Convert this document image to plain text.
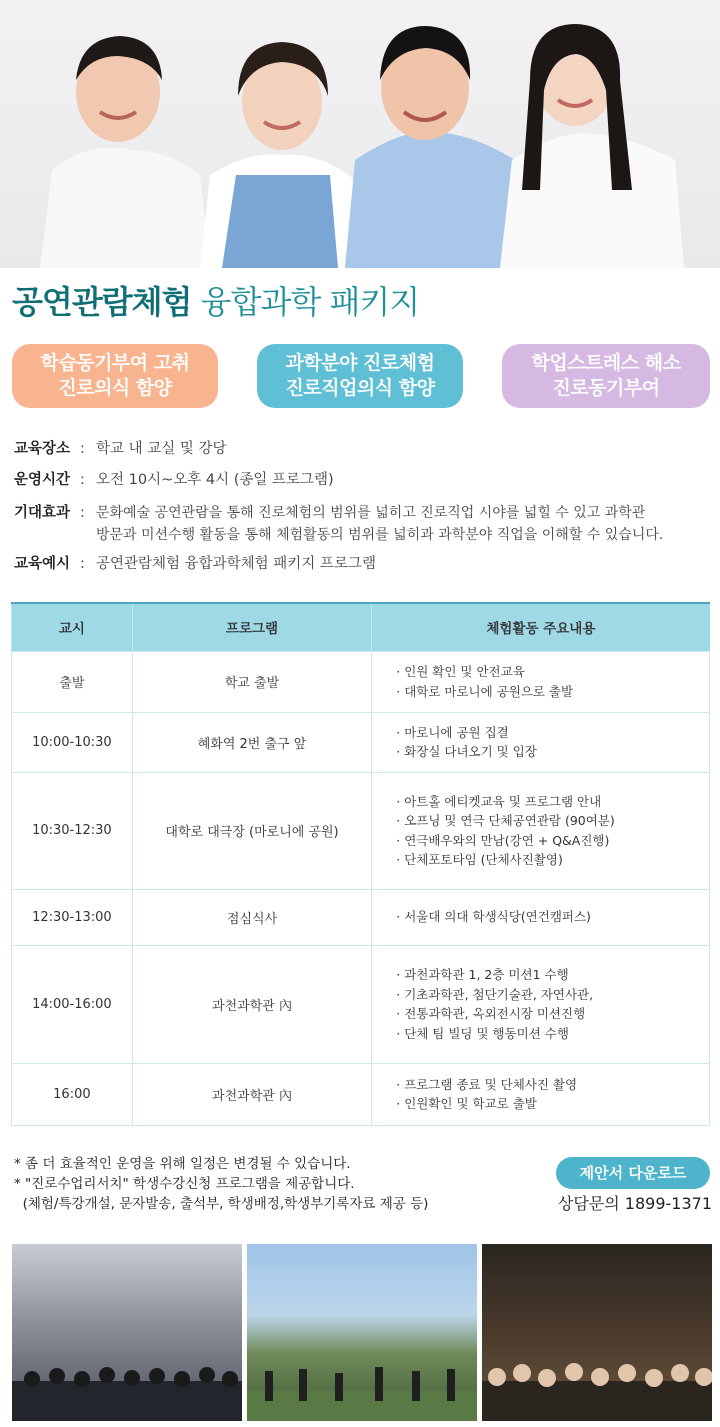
공연관람체험 융합과학 패키지
학습동기부여 고취
진로의식 함양
과학분야 진로체험
진로직업의식 함양
학업스트레스 해소
진로동기부여
교육장소 : 학교 내 교실 및 강당
운영시간 : 오전 10시~오후 4시 (종일 프로그램)
기대효과 : 문화예술 공연관람을 통해 진로체험의 범위를 넓히고 진로직업 시야를 넓힐 수 있고 과학관
방문과 미션수행 활동을 통해 체험활동의 범위를 넓히과 과학분야 직업을 이해할 수 있습니다.
교육예시 : 공연관람체험 융합과학체험 패키지 프로그램
교시	프로그램	체험활동 주요내용
출발	학교 출발	· 인원 확인 및 안전교육
· 대학로 마로니에 공원으로 출발

10:00-10:30	혜화역 2번 출구 앞	· 마로니에 공원 집결
· 화장실 다녀오기 및 입장

10:30-12:30	대학로 대극장 (마로니에 공원)	· 아트홀 에티켓교육 및 프로그램 안내
· 오프닝 및 연극 단체공연관람 (90여분)
· 연극배우와의 만남(강연 + Q&A진행)
· 단체포토타임 (단체사진촬영)

12:30-13:00	점심식사	· 서울대 의대 학생식당(연건캠퍼스)

14:00-16:00	과천과학관 內	· 과천과학관 1, 2층 미션1 수행
· 기초과학관, 첨단기술관, 자연사관,
· 전통과학관, 옥외전시장 미션진행
· 단체 팀 빌딩 및 행동미션 수행

16:00	과천과학관 內	· 프로그램 종료 및 단체사진 촬영
· 인원확인 및 학교로 출발
* 좀 더 효율적인 운영을 위해 일정은 변경될 수 있습니다.
* "진로수업리서치" 학생수강신청 프로그램을 제공합니다.
(체험/특강개설, 문자발송, 출석부, 학생배정,학생부기록자료 제공 등)
제안서 다운로드
상담문의 1899-1371
